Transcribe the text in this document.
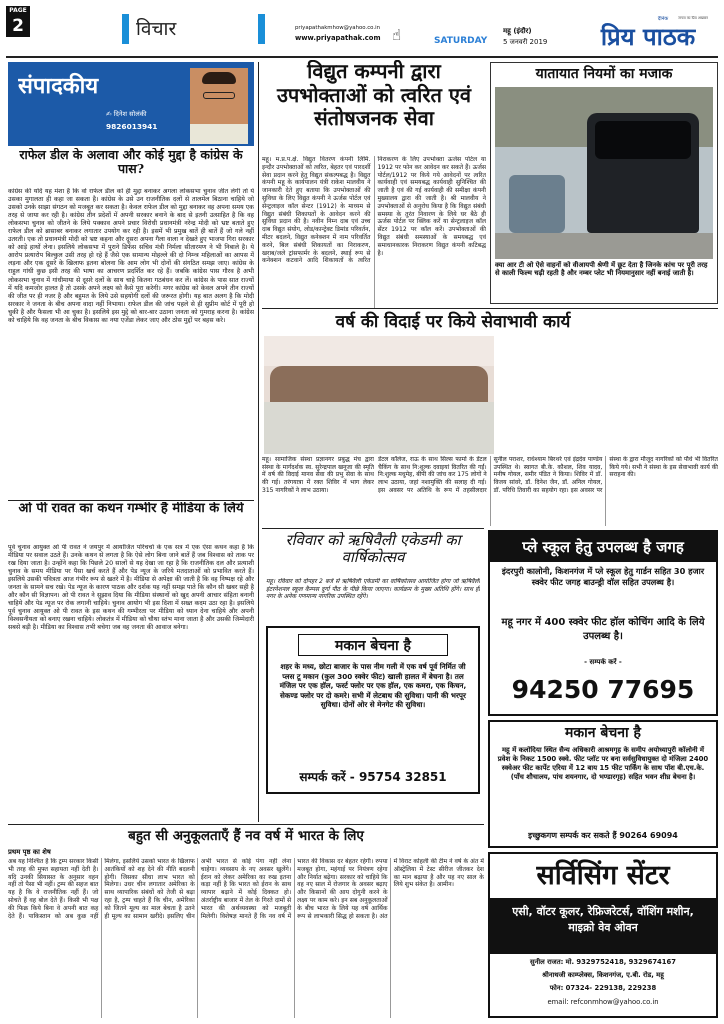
PAGE
2	विचार	priyapathakmhow@yahoo.co.in
www.priyapathak.com ☝	SATURDAY
महू (इंदौर)
5 जनवरी 2019
दैनिक	जनता का प्रिय अखबार
प्रिय पाठक
संपादकीय
✍ दिनेश सोलंकी
9826013941
राफेल डील के अलावा और कोई मुद्दा है कांग्रेस के पास?
कांग्रेस की यदि यह मंशा है कि वो राफेल डील को ही मुद्दा बनाकर अगला लोकसभा चुनाव जीत लेगी तो ये उसका मुगालता ही कहा जा सकता है। कांग्रेस के उसे उन राजनीतिक दलों से तालमेल बिठाना चाहिये जो उसको उनके साझा संगठन को मजबूत कर सकता है। केवल राफेल डील को मुद्दा बनाकर वह अपना समय एक तरह से जाया कर रही है। कांग्रेस तीन प्रदेशों में अपनी सरकार बनाने के बाद से इतनी उत्साहित है कि वह लोकसभा चुनाव को जीतने के लिये पक्काव अपने प्रचार विरोधी प्रधानमंत्री नरेन्द्र मोदी को भ्रष्ट बताते हुए राफेल डील को ब्रासाबर बनाकर लगातार उपयोग कर रही है। इसमें भी प्रमुख बातें ही बातें हैं जो गले नहीं उतरती। एक तो प्रधानमंत्री मोदी को भ्रष्ट कहना और दूसरा अपना गैला वाला न देखते हुए भाजपा गिरा सरकार को आड़े हाथों लेना। इसलिये लोकसभा में पुराने डिफेंस सचिव मंत्री निर्मला सीतारमण ने भी निबाले है। ये आरोप प्रत्यारोप बिल्कुल उसी तरह हो रहे हैं जैसे एक सामान्य मोहल्ले की दो निम्न्त्र महिलाओं का आपस में लड़ना और एक दूसरे के खिलाफ इतना बोलना कि आम लोग भी दोनों की संगठित समझ जाए। कांग्रेस के राहुल गांधी कुछ इसी तरह की भाषा का आचरण प्रदर्शित कर रहे हैं। जबकि कांग्रेस पास गौरव है अभी लोकसभा चुनाव में गांधीमाया से दूसरे दलों के साथ चाहे कितना गठबंधन कर लें। कांग्रेस के पास सात राज्यों में यदि कमजोर हालत है तो उसके अपने लक्ष्य को कैसे पूरा करेगी। मगर कांग्रेस को केवल अपने तीन राज्यों की जीत पर ही नजर है और बहुमत के लिये उसे सहयोगी दलों की जरूरत होगी। यह बात अलग है कि मोदी सरकार ने जनता के बीच अपना वादा नहीं निभाया। राफेल डील की जांच पहले से ही सुप्रीम कोर्ट में पूरी हो चुकी है और फैसला भी आ चुका है। इसलिये इस मुद्दे को बार-बार उठाना जनता को गुमराह करना है। कांग्रेस को चाहिये कि वह जनता के बीच विकास का नया एजेंडा लेकर जाए और ठोस मुद्दों पर बहस करे।
ओ पी रावत का कथन गम्भीर है मीडिया के लिये
पूर्व चुनाव आयुक्त ओ पी रावत ने जयपुर में आयोजित परिचर्चा के एक सत्र में एक ऐसा कथन कहा है कि मीडिया पर सवाल उठते हैं। उनके कथन से लगता है कि ऐसे लोग बिना जाने बातें हैं जब विश्वास को ताक पर रख दिया जाता है। उन्होंने कहा कि पिछले 20 सालों से यह देखा जा रहा है कि राजनीतिक दल और प्रत्याशी चुनाव के समय मीडिया पर पैसा खर्च करते हैं और पेड न्यूज के जरिये मतदाताओं को प्रभावित करते हैं। इसलिये उसकी पवित्रता आज गंभीर रूप से खतरे में है। मीडिया से अपेक्षा की जाती है कि वह निष्पक्ष रहे और जनता के सामने सच रखे। पेड न्यूज के कारण पाठक और दर्शक यह नहीं समझ पाते कि कौन सी खबर सही है और कौन सी विज्ञापन। ओ पी रावत ने सुझाव दिया कि मीडिया संस्थानों को खुद अपनी आचार संहिता बनानी चाहिये और पेड न्यूज पर रोक लगानी चाहिये। चुनाव आयोग भी इस दिशा में सख्त कदम उठा रहा है। इसलिये पूर्व चुनाव आयुक्त ओ पी रावत के इस कथन की गम्भीरता पर मीडिया को ध्यान देना चाहिये और अपनी विश्वसनीयता को बनाए रखना चाहिये। लोकतंत्र में मीडिया को चौथा स्तंभ माना जाता है और उसकी जिम्मेदारी सबसे बड़ी है। मीडिया का विश्वास तभी बचेगा जब वह जनता की आवाज बनेगा।
विद्युत कम्पनी द्वारा उपभोक्ताओं को त्वरित एवं संतोषजनक सेवा
महू। म.प्र.प.क्षे. विद्युत वितरण कंपनी लिमि. इन्दौर उपभोक्ताओं को त्वरित, बेहतर एवं पारदर्शी सेवा प्रदान करने हेतु विद्युत संकल्पबद्ध है। विद्युत कंपनी महू के कार्यपालन यंत्री राकेश मालवीय ने जानकारी देते हुए बताया कि उपभोक्ताओं की सुविधा के लिए विद्युत कंपनी ने ऊर्जस पोर्टल एवं सेन्ट्रलाइज कॉल सेन्टर (1912) के माध्यम से विद्युत संबंधी शिकायतों के आवेदन करने की सुविधा प्रदान की है। नवीन निम्न दाब एवं उच्च दाब विद्युत संयोग, लोड/कान्ट्रेक्ट डिमांड परिवर्तन, मीटर बदलने, विद्युत कनेक्शन में नाम परिवर्तित करने, बिल संबंधी शिकायतों का निराकरण, खराब/जले ट्रांसफार्मर के बदलने, स्थाई रूप से कनेक्शन कटवाने आदि शिकायतों के त्वरित निराकरण के लिए उपभोक्ता ऊर्जस पोर्टल या 1912 पर फोन कर आवेदन कर सकते हैं। ऊर्जस पोर्टल/1912 पर किये गये आवेदनों पर त्वरित कार्यवाही एवं समयबद्ध कार्यवाही सुनिश्चित की जाती है एवं की गई कार्यवाही की समीक्षा कंपनी मुख्यालय द्वारा की जाती है। श्री मालवीय ने उपभोक्ताओं से अनुरोध किया है कि विद्युत संबंधी समस्या के तुरंत निवारण के लिये घर बैठे ही ऊर्जस पोर्टल पर क्लिक करें या सेन्ट्रलाइज कॉल सेंटर 1912 पर कॉल करें। उपभोक्ताओं की विद्युत संबंधी समस्याओं के समयबद्ध एवं समाधानकारक निराकरण विद्युत कंपनी कटिबद्ध है।
यातायात नियमों का मजाक
क्या आर टी ओ ऐसे वाहनों को वीआयपी श्रेणी में छूट देता है जिनके कांच पर पूरी तरह से काली फिल्म चढ़ी रहती है और नम्बर प्लेट भी नियमानुसार नहीं बनाई जाती है।
वर्ष की विदाई पर किये सेवाभावी कार्य
महू। सामाजिक संस्था प्रज्ञानगर प्रबुद्ध मंच द्वारा संस्था के मार्गदर्शक स्व. सुरेन्द्रपाल खनूजा की स्मृति में वर्ष की विदाई मानव सेवा की प्रभु सेवा के साथ की गई। तरंगयात्रा में रक्त शिविर में भाग लेकर 315 नागरिकों ने लाभ उठाया।
डेंटल कॉलेज, राऊ के साथ सिल्स फार्मा के डेंटल चैकिंग के साथ नि:शुल्क दवाइयां वितरित की गईं। नि:शुल्क मधुमेह, बीपी की जांच कर 175 लोगों ने लाभ उठाया, जहां नशामुक्ति की सलाह दी गई। इस अवसर पर अतिथि के रूप में तहसीलदार सुनील पराशर, राधेश्याम बिरथरे एवं इंद्रदेव पाण्डेय उपस्थित थे। स्वागत बी.के. कौशल, शिव यादव, मनीष गोयल, समीर पंडित ने किया। शिविर में डॉ. विजय सांवरे, डॉ. दिनेश जैन, डॉ. अनिल गोयल, डॉ. परिधि तिवारी का सहयोग रहा। इस अवसर पर संस्था के द्वारा मौजूद नागरिकों को पौधे भी वितरित किये गये। सभी ने संस्था के इस सेवाभावी कार्य की सराहना की।
रविवार को ऋषिवैली एकेडमी का वार्षिकोत्सव
महू। रविवार को दोपहर 2 बजे से ऋषिवैली एकेडमी का वार्षिकोत्सव आयोजित होगा जो ऋषिवैली इंटरनेशनल स्कूल कैम्पस दुर्गा पीठ के पीछे किया जाएगा। कार्यक्रम के मुख्य अतिथि होंगे। साथ ही नगर के अनेक गणमान्य नागरिक उपस्थित रहेंगे।
मकान बेचना है
शहर के मध्य, छोटा बाजार के पास नीम गली में एक वर्ष पूर्व निर्मित जी प्लस टू मकान (कुल 300 स्क्वेर फीट) खाली हालत में बेचना है। तल मंजिल पर एक हॉल, फर्स्ट फ्लोर पर एक हॉल, एक कमरा, एक किचन, सेकण्ड फ्लोर पर दो कमरे। सभी में लेटबाथ की सुविधा। पानी की भरपूर सुविधा। दोनों ओर से मेनगेट की सुविधा।
सम्पर्क करें - 95754 32851
प्ले स्कूल हेतु उपलब्ध है जगह
इंदरपुरी कालोनी, किशनगंज में प्ले स्कूल हेतु गार्डन सहित 30 हजार स्क्वेर फीट जगह बाउन्ड्री वॉल सहित उपलब्ध है।
महू नगर में 400 स्क्वेर फीट हॉल कोचिंग आदि के लिये उपलब्ध है।
- सम्पर्क करें -
94250 77695
मकान बेचना है
महू में कलोदिया स्थित सैन्य अधिकारी आश्रमगृह के समीप अयोध्यापुरी कॉलोनी में प्रवेश के निकट 1500 स्क्वे. फीट प्लॉट पर बना सर्वसुविधायुक्त दो मंजिला 2400 स्क्वेअर फीट कार्पेट एरिया में 12 बाय 15 फीट पार्किंग के साथ पॉश बी.एच.के. (पॉंच शौचालय, पांच शयनगार, दो भण्डारगृह) सहित भवन शीघ्र बेचना है।
इच्छुकगण सम्पर्क कर सकते हैं 90264 69094
सर्विसिंग सेंटर
एसी, वॉटर कूलर, रेफ्रिजरेटर्स, वॉशिंग मशीन, माइक्रो वेव ओवन
सुनील राजत: मो. 9329752418, 9329674167
श्रीनाथजी काम्प्लेक्स, किशनगंज, ए.बी. रोड, महू
फोन: 07324- 229138, 229238
email: refconmhow@yahoo.co.in
बहुत सी अनुकूलताएँ हैं नव वर्ष में भारत के लिए
प्रथम पृष्ठ का शेष
अब यह निश्चित है कि ट्रम्प सरकार किसी भी तरह की मुफ्त सहायता नहीं देती है। यदि उनकी सियासत के अनुसार वहन नहीं तो पैसा भी नहीं। ट्रम्प की सहज बात यह है कि वे राजनीतिक नहीं हैं। जो सोचते हैं वह बोल देते हैं। किसी भी पक्ष की फिक्र किये बिना वे अपनी बात कह देते हैं। पाकिस्तान को अब कुछ नहीं मिलेगा, इसलिये उसको भारत के खिलाफ आतंकियों को शह देने की नीति बदलनी होगी। जिसका सीधा लाभ भारत को मिलेगा। उधर चीन लगातार अमेरिका के साथ व्यापारिक संबंधों को तेजी से बढ़ा रहा है, ट्रम्प चाहते हैं कि चीन, अमेरिका को जितने मूल्य का माल बेचता है उतने ही मूल्य का सामान खरीदे। इसलिए चीन अभी भारत से कोई पंगा नहीं लेना चाहेगा। व्यवसाय के नए अवसर खुलेंगे। ईरान को लेकर अमेरिका का रुख इतना कड़ा नहीं है कि भारत को ईरान के साथ व्यापार बढ़ाने में कोई दिक्कत हो। अंतर्राष्ट्रीय बाजार में तेल के गिरते दामों से भारत की अर्थव्यवस्था को मजबूती मिलेगी। विशेषज्ञ मानते हैं कि नव वर्ष में भारत की विकास दर बेहतर रहेगी। रुपया मजबूत होगा, महंगाई पर नियंत्रण रहेगा और निर्यात बढ़ेगा। सरकार को चाहिये कि वह नए साल में रोजगार के अवसर बढ़ाए और किसानों की आय दोगुनी करने के लक्ष्य पर काम करे। इन सब अनुकूलताओं के बीच भारत के लिये यह वर्ष आर्थिक रूप से लाभकारी सिद्ध हो सकता है। अंत में विराट कोहली की टीम ने वर्ष के अंत में ऑस्ट्रेलिया में टेस्ट सीरीज जीतकर देश का मान बढ़ाया है और यह नए साल के लिये शुभ संकेत है। आमीन।
